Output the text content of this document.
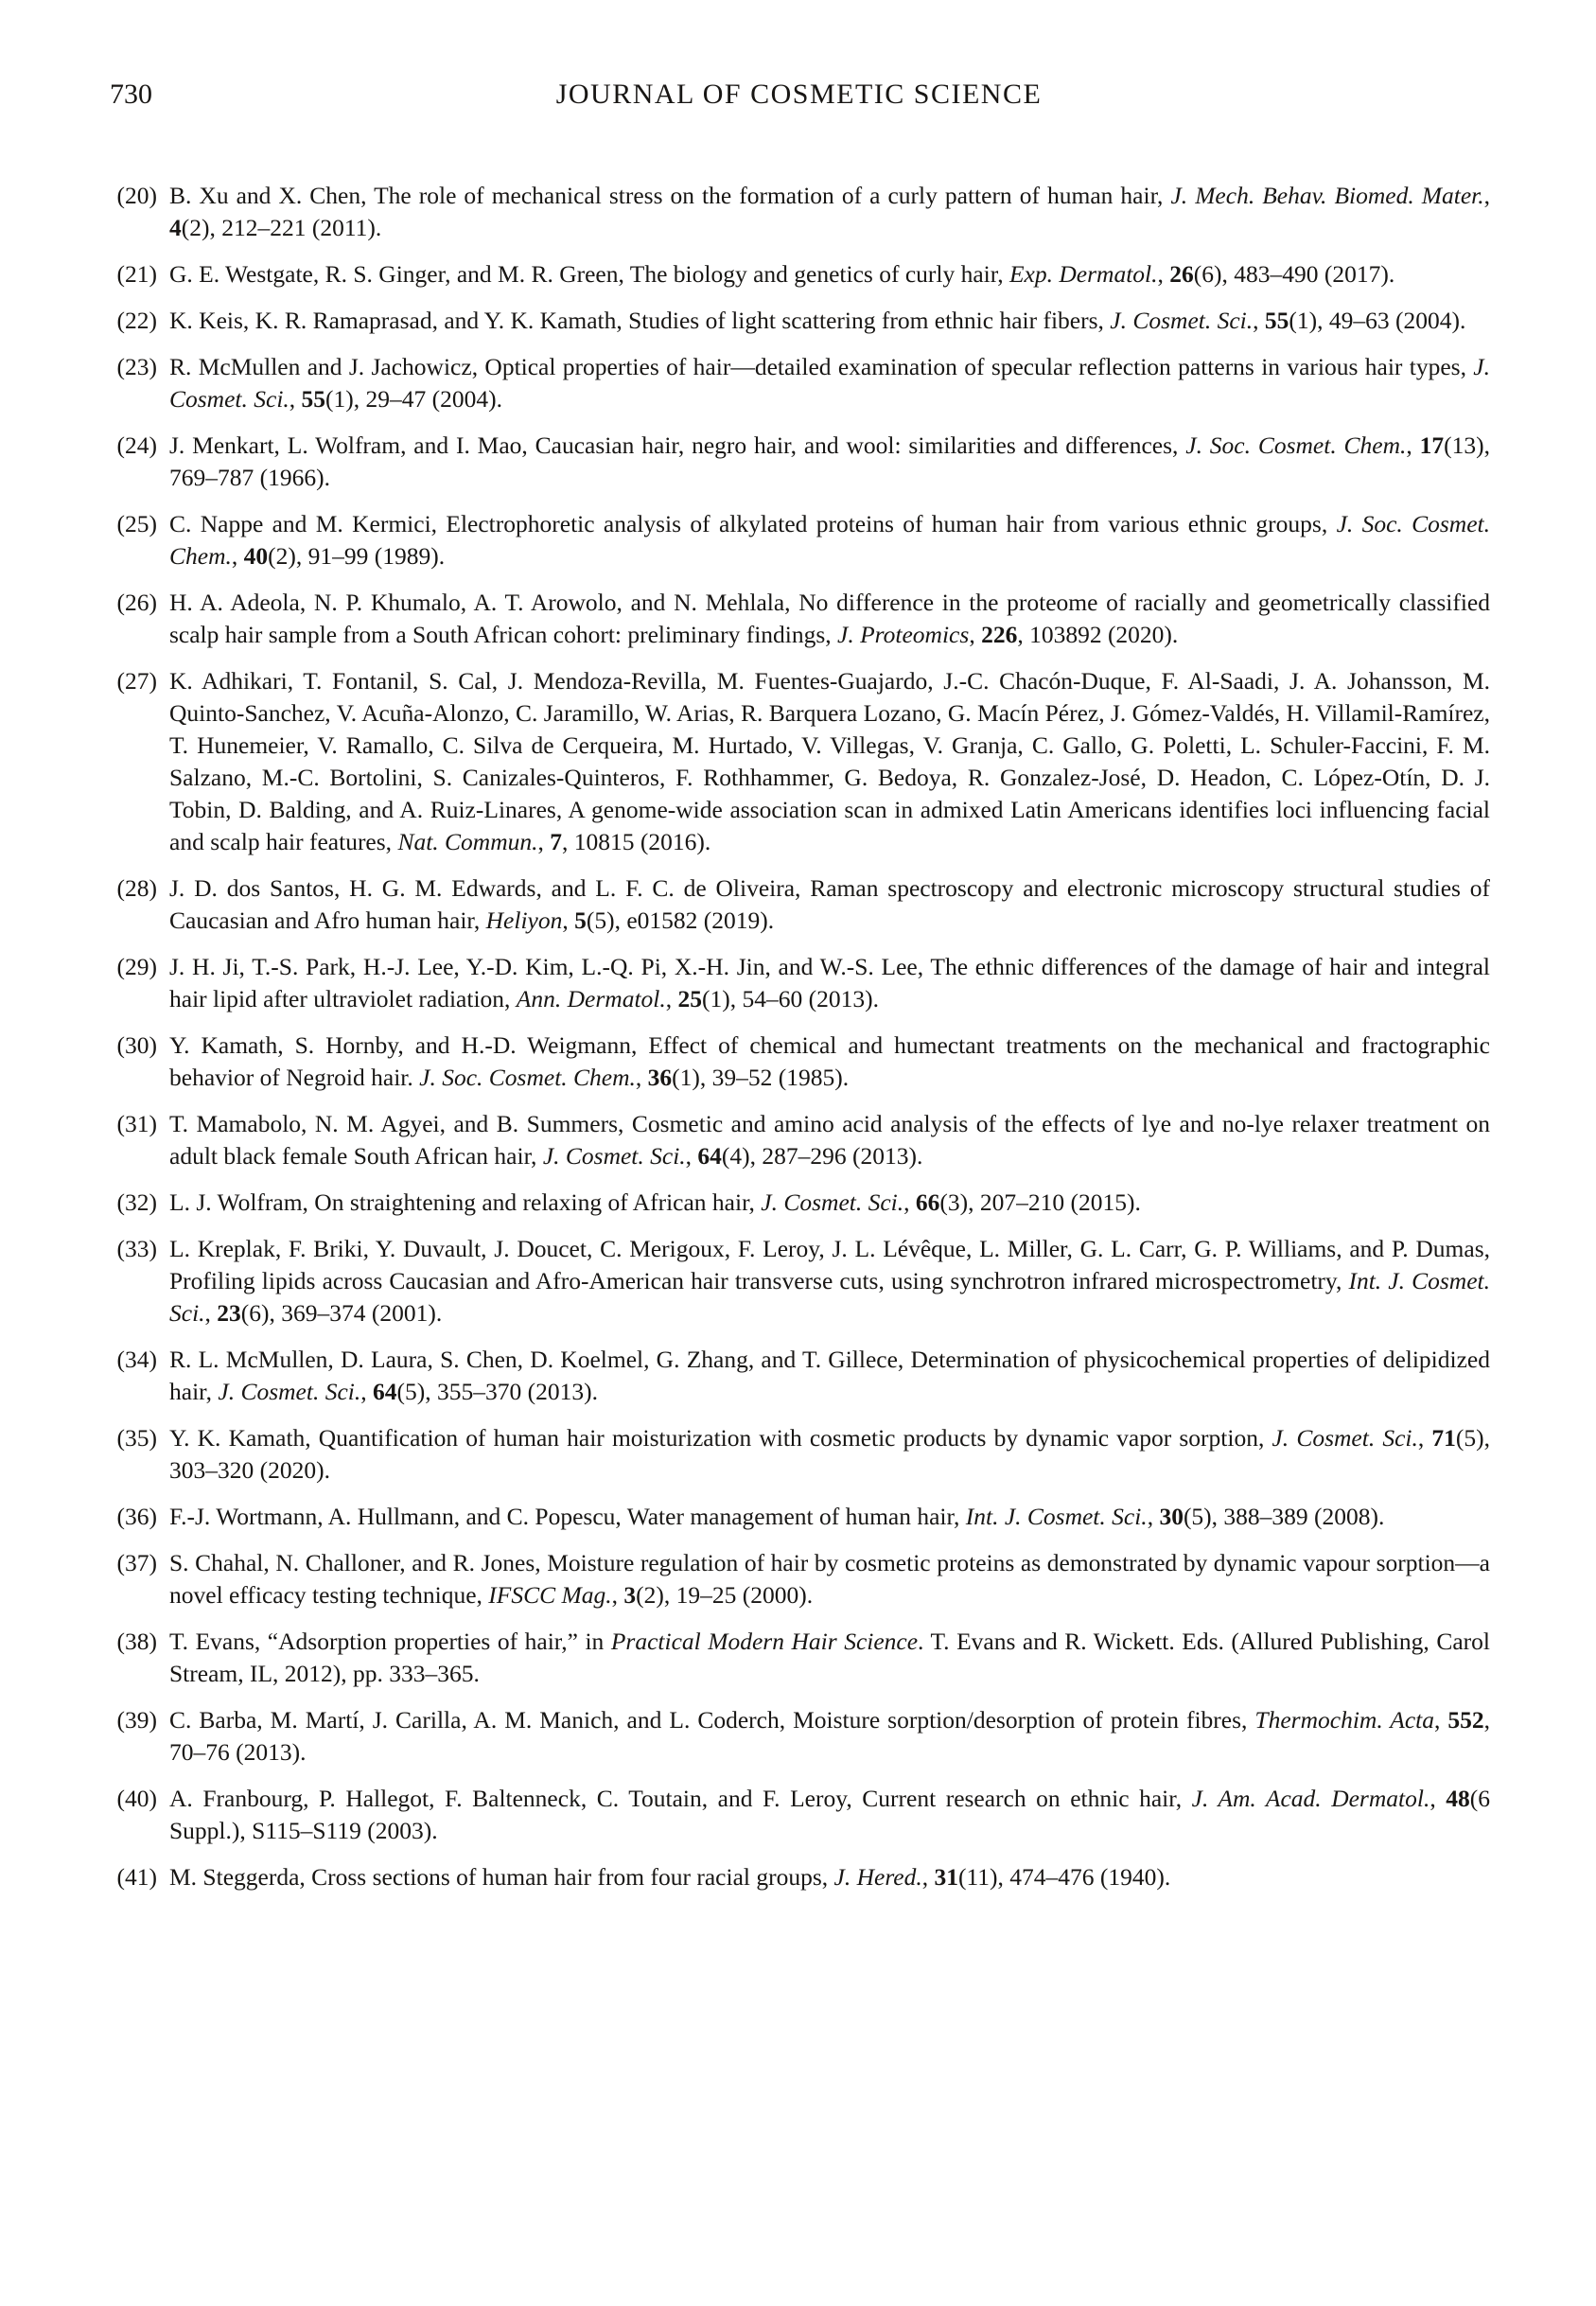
730	JOURNAL OF COSMETIC SCIENCE
(20) B. Xu and X. Chen, The role of mechanical stress on the formation of a curly pattern of human hair, J. Mech. Behav. Biomed. Mater., 4(2), 212–221 (2011).
(21) G. E. Westgate, R. S. Ginger, and M. R. Green, The biology and genetics of curly hair, Exp. Dermatol., 26(6), 483–490 (2017).
(22) K. Keis, K. R. Ramaprasad, and Y. K. Kamath, Studies of light scattering from ethnic hair fibers, J. Cosmet. Sci., 55(1), 49–63 (2004).
(23) R. McMullen and J. Jachowicz, Optical properties of hair—detailed examination of specular reflection patterns in various hair types, J. Cosmet. Sci., 55(1), 29–47 (2004).
(24) J. Menkart, L. Wolfram, and I. Mao, Caucasian hair, negro hair, and wool: similarities and differences, J. Soc. Cosmet. Chem., 17(13), 769–787 (1966).
(25) C. Nappe and M. Kermici, Electrophoretic analysis of alkylated proteins of human hair from various ethnic groups, J. Soc. Cosmet. Chem., 40(2), 91–99 (1989).
(26) H. A. Adeola, N. P. Khumalo, A. T. Arowolo, and N. Mehlala, No difference in the proteome of racially and geometrically classified scalp hair sample from a South African cohort: preliminary findings, J. Proteomics, 226, 103892 (2020).
(27) K. Adhikari, T. Fontanil, S. Cal, J. Mendoza-Revilla, M. Fuentes-Guajardo, J.-C. Chacón-Duque, F. Al-Saadi, J. A. Johansson, M. Quinto-Sanchez, V. Acuña-Alonzo, C. Jaramillo, W. Arias, R. Barquera Lozano, G. Macín Pérez, J. Gómez-Valdés, H. Villamil-Ramírez, T. Hunemeier, V. Ramallo, C. Silva de Cerqueira, M. Hurtado, V. Villegas, V. Granja, C. Gallo, G. Poletti, L. Schuler-Faccini, F. M. Salzano, M.-C. Bortolini, S. Canizales-Quinteros, F. Rothhammer, G. Bedoya, R. Gonzalez-José, D. Headon, C. López-Otín, D. J. Tobin, D. Balding, and A. Ruiz-Linares, A genome-wide association scan in admixed Latin Americans identifies loci influencing facial and scalp hair features, Nat. Commun., 7, 10815 (2016).
(28) J. D. dos Santos, H. G. M. Edwards, and L. F. C. de Oliveira, Raman spectroscopy and electronic microscopy structural studies of Caucasian and Afro human hair, Heliyon, 5(5), e01582 (2019).
(29) J. H. Ji, T.-S. Park, H.-J. Lee, Y.-D. Kim, L.-Q. Pi, X.-H. Jin, and W.-S. Lee, The ethnic differences of the damage of hair and integral hair lipid after ultraviolet radiation, Ann. Dermatol., 25(1), 54–60 (2013).
(30) Y. Kamath, S. Hornby, and H.-D. Weigmann, Effect of chemical and humectant treatments on the mechanical and fractographic behavior of Negroid hair. J. Soc. Cosmet. Chem., 36(1), 39–52 (1985).
(31) T. Mamabolo, N. M. Agyei, and B. Summers, Cosmetic and amino acid analysis of the effects of lye and no-lye relaxer treatment on adult black female South African hair, J. Cosmet. Sci., 64(4), 287–296 (2013).
(32) L. J. Wolfram, On straightening and relaxing of African hair, J. Cosmet. Sci., 66(3), 207–210 (2015).
(33) L. Kreplak, F. Briki, Y. Duvault, J. Doucet, C. Merigoux, F. Leroy, J. L. Lévêque, L. Miller, G. L. Carr, G. P. Williams, and P. Dumas, Profiling lipids across Caucasian and Afro-American hair transverse cuts, using synchrotron infrared microspectrometry, Int. J. Cosmet. Sci., 23(6), 369–374 (2001).
(34) R. L. McMullen, D. Laura, S. Chen, D. Koelmel, G. Zhang, and T. Gillece, Determination of physicochemical properties of delipidized hair, J. Cosmet. Sci., 64(5), 355–370 (2013).
(35) Y. K. Kamath, Quantification of human hair moisturization with cosmetic products by dynamic vapor sorption, J. Cosmet. Sci., 71(5), 303–320 (2020).
(36) F.-J. Wortmann, A. Hullmann, and C. Popescu, Water management of human hair, Int. J. Cosmet. Sci., 30(5), 388–389 (2008).
(37) S. Chahal, N. Challoner, and R. Jones, Moisture regulation of hair by cosmetic proteins as demonstrated by dynamic vapour sorption—a novel efficacy testing technique, IFSCC Mag., 3(2), 19–25 (2000).
(38) T. Evans, “Adsorption properties of hair,” in Practical Modern Hair Science. T. Evans and R. Wickett. Eds. (Allured Publishing, Carol Stream, IL, 2012), pp. 333–365.
(39) C. Barba, M. Martí, J. Carilla, A. M. Manich, and L. Coderch, Moisture sorption/desorption of protein fibres, Thermochim. Acta, 552, 70–76 (2013).
(40) A. Franbourg, P. Hallegot, F. Baltenneck, C. Toutain, and F. Leroy, Current research on ethnic hair, J. Am. Acad. Dermatol., 48(6 Suppl.), S115–S119 (2003).
(41) M. Steggerda, Cross sections of human hair from four racial groups, J. Hered., 31(11), 474–476 (1940).
